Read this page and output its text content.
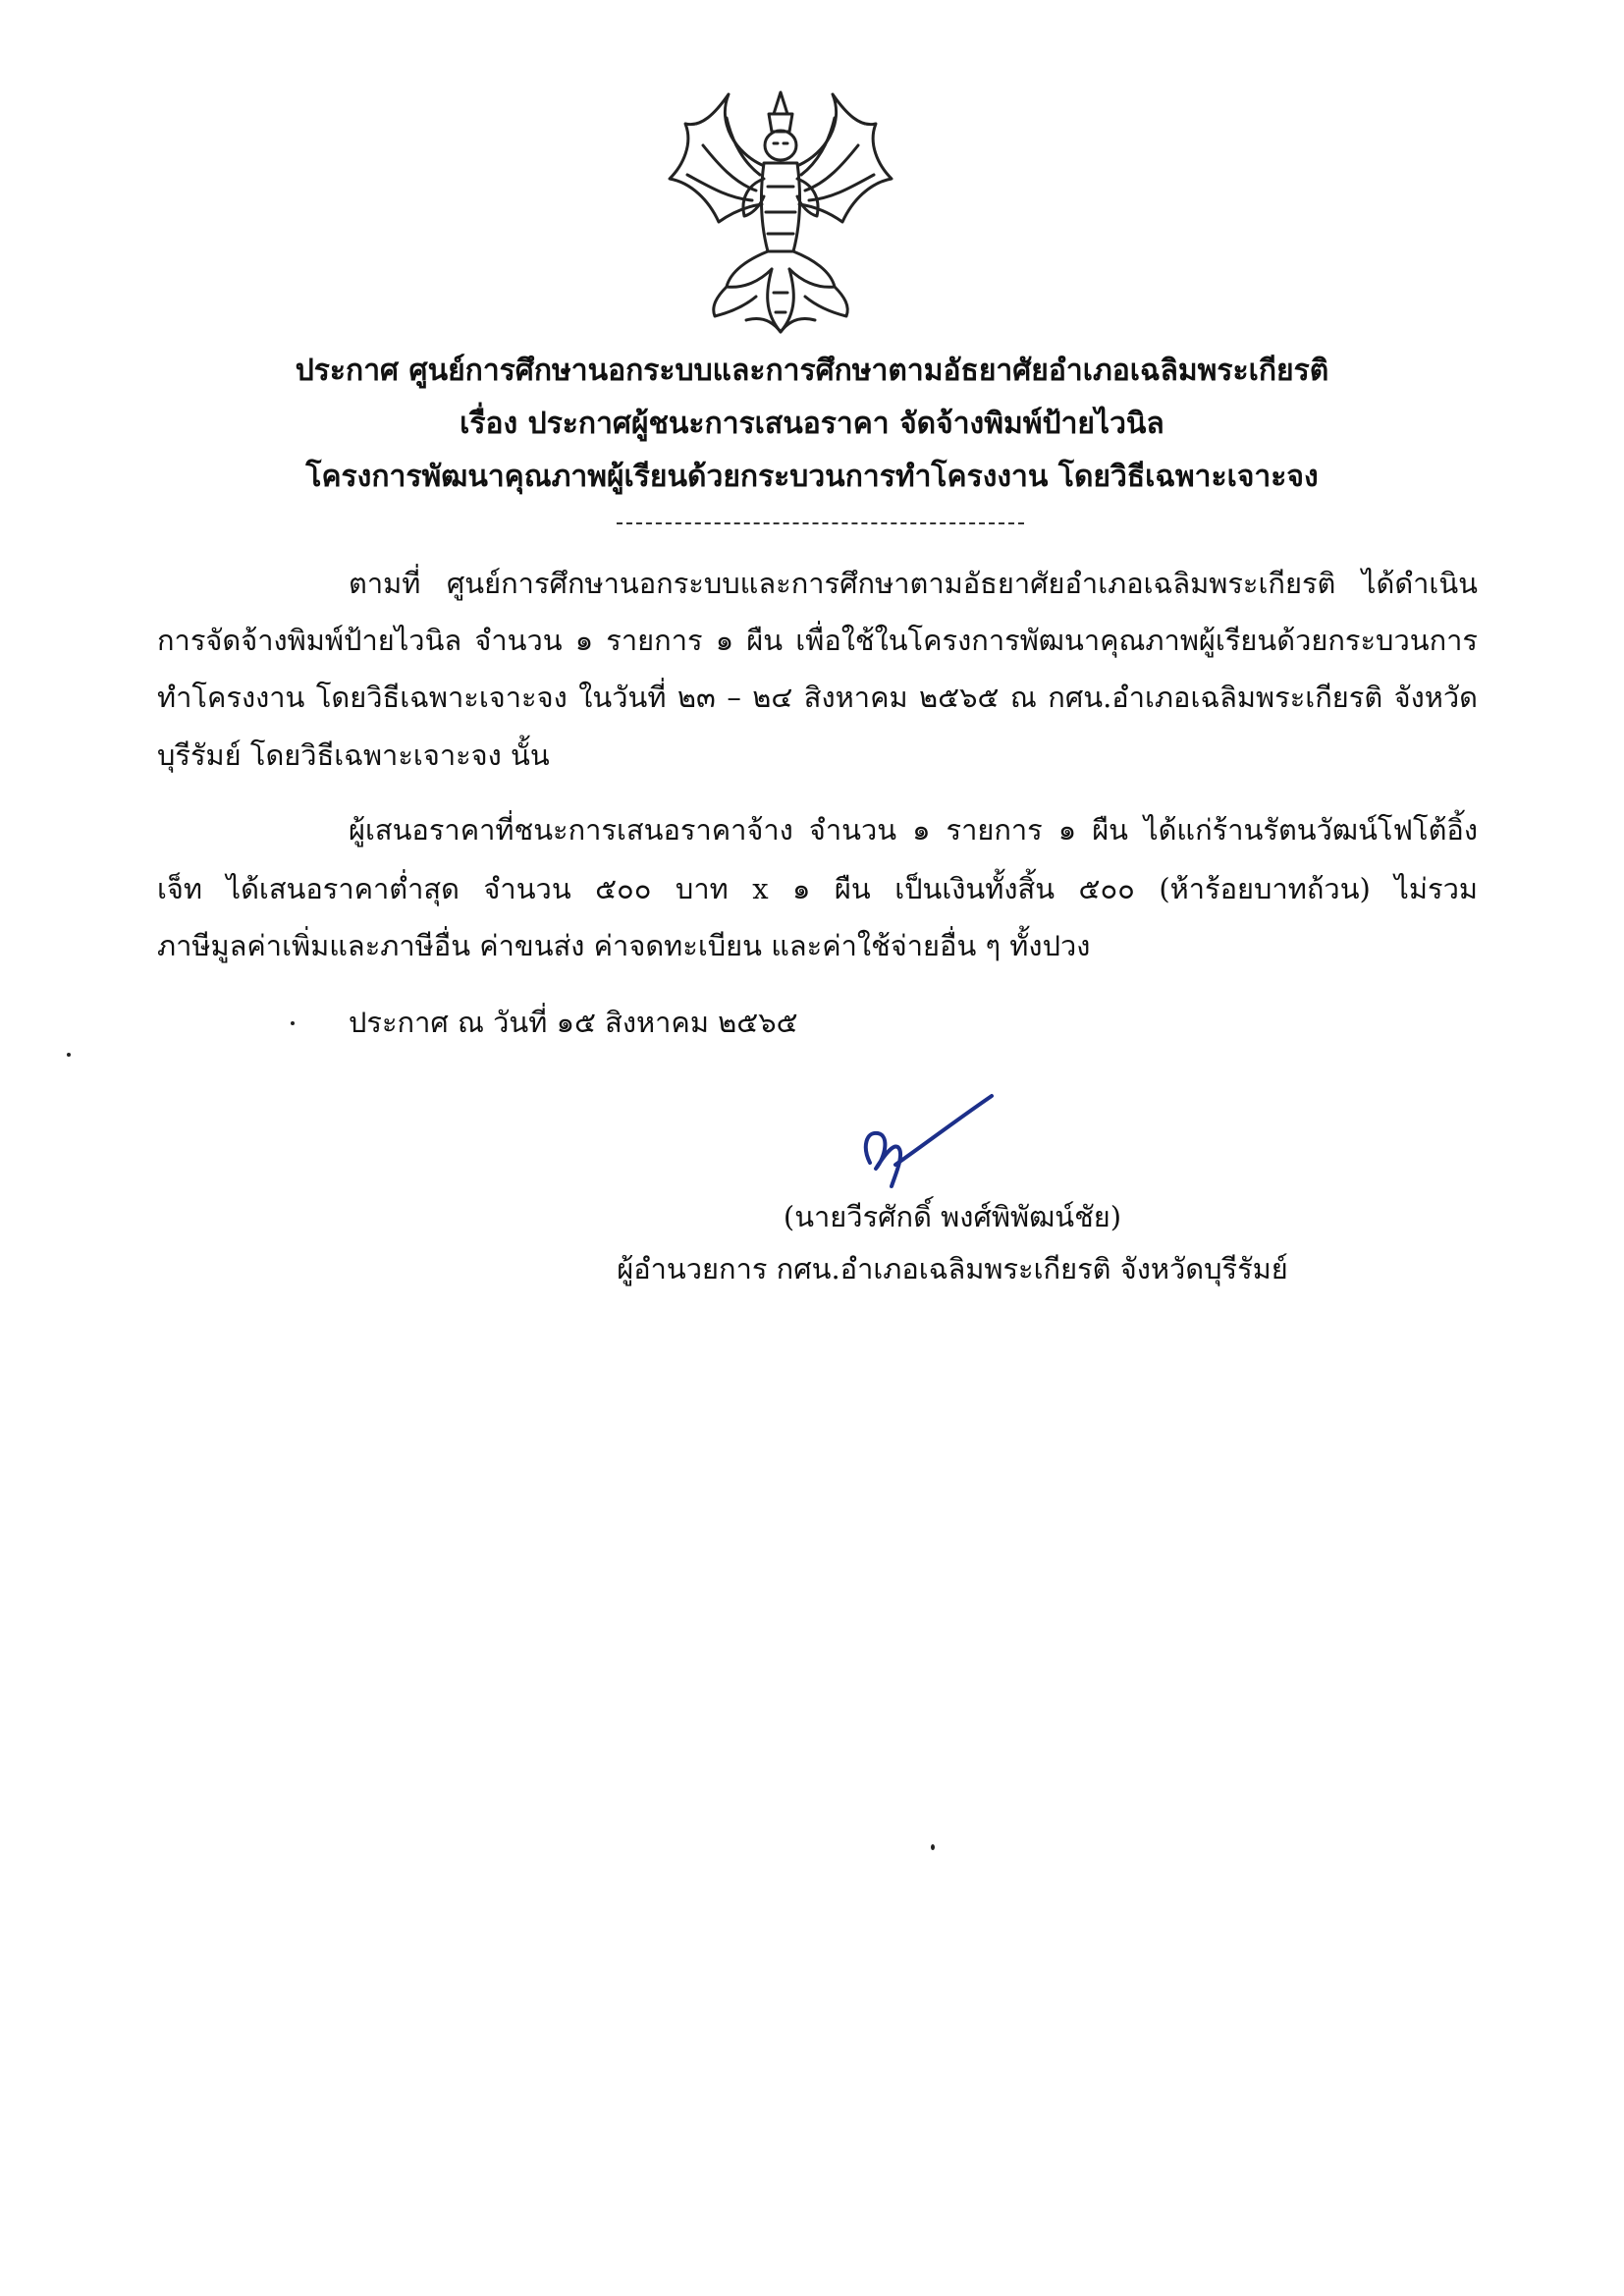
ประกาศ ศูนย์การศึกษานอกระบบและการศึกษาตามอัธยาศัยอำเภอเฉลิมพระเกียรติ
เรื่อง ประกาศผู้ชนะการเสนอราคา จัดจ้างพิมพ์ป้ายไวนิล
โครงการพัฒนาคุณภาพผู้เรียนด้วยกระบวนการทำโครงงาน โดยวิธีเฉพาะเจาะจง
ตามที่ ศูนย์การศึกษานอกระบบและการศึกษาตามอัธยาศัยอำเภอเฉลิมพระเกียรติ ได้ดำเนิน
การจัดจ้างพิมพ์ป้ายไวนิล จำนวน ๑ รายการ ๑ ผืน เพื่อใช้ในโครงการพัฒนาคุณภาพผู้เรียนด้วยกระบวนการ
ทำโครงงาน โดยวิธีเฉพาะเจาะจง ในวันที่ ๒๓ – ๒๔ สิงหาคม ๒๕๖๕ ณ กศน.อำเภอเฉลิมพระเกียรติ จังหวัด
บุรีรัมย์ โดยวิธีเฉพาะเจาะจง นั้น
ผู้เสนอราคาที่ชนะการเสนอราคาจ้าง จำนวน ๑ รายการ ๑ ผืน ได้แก่ร้านรัตนวัฒน์โฟโต้อิ้ง
เจ็ท ได้เสนอราคาต่ำสุด จำนวน ๕๐๐ บาท x ๑ ผืน เป็นเงินทั้งสิ้น ๕๐๐ (ห้าร้อยบาทถ้วน) ไม่รวม
ภาษีมูลค่าเพิ่มและภาษีอื่น ค่าขนส่ง ค่าจดทะเบียน และค่าใช้จ่ายอื่น ๆ ทั้งปวง
ประกาศ ณ วันที่ ๑๕ สิงหาคม ๒๕๖๕
(นายวีรศักดิ์ พงศ์พิพัฒน์ชัย)
ผู้อำนวยการ กศน.อำเภอเฉลิมพระเกียรติ จังหวัดบุรีรัมย์
